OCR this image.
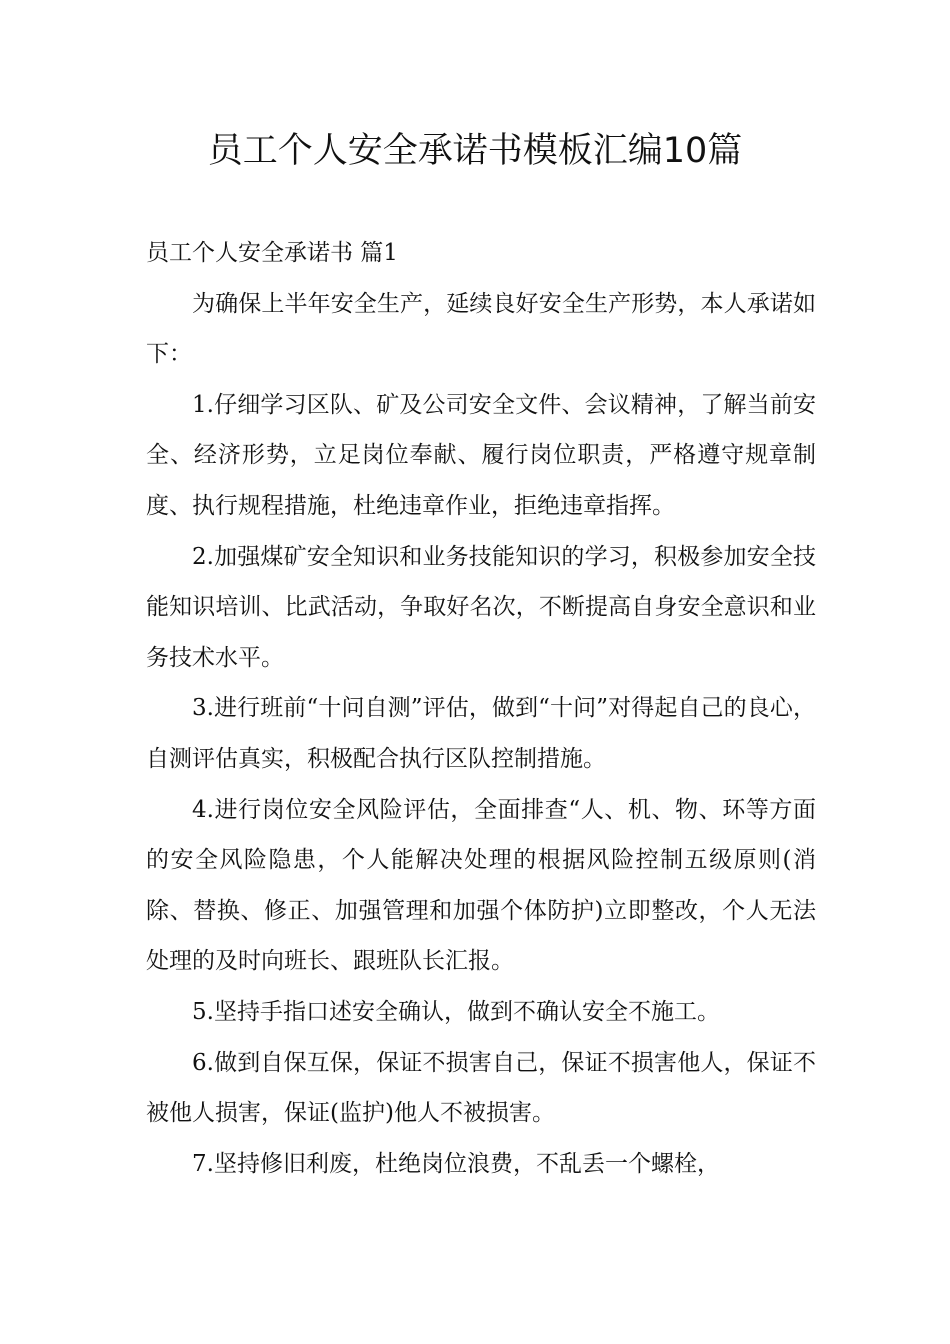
员工个人安全承诺书模板汇编10篇

员工个人安全承诺书 篇1

为确保上半年安全生产，延续良好安全生产形势，本人承诺如下：

1.仔细学习区队、矿及公司安全文件、会议精神，了解当前安全、经济形势，立足岗位奉献、履行岗位职责，严格遵守规章制度、执行规程措施，杜绝违章作业，拒绝违章指挥。

2.加强煤矿安全知识和业务技能知识的学习，积极参加安全技能知识培训、比武活动，争取好名次，不断提高自身安全意识和业务技术水平。

3.进行班前“十问自测”评估，做到“十问”对得起自己的良心，自测评估真实，积极配合执行区队控制措施。

4.进行岗位安全风险评估，全面排查“人、机、物、环等方面的安全风险隐患，个人能解决处理的根据风险控制五级原则(消除、替换、修正、加强管理和加强个体防护)立即整改，个人无法处理的及时向班长、跟班队长汇报。

5.坚持手指口述安全确认，做到不确认安全不施工。

6.做到自保互保，保证不损害自己，保证不损害他人，保证不被他人损害，保证(监护)他人不被损害。

7.坚持修旧利废，杜绝岗位浪费，不乱丢一个螺栓，
